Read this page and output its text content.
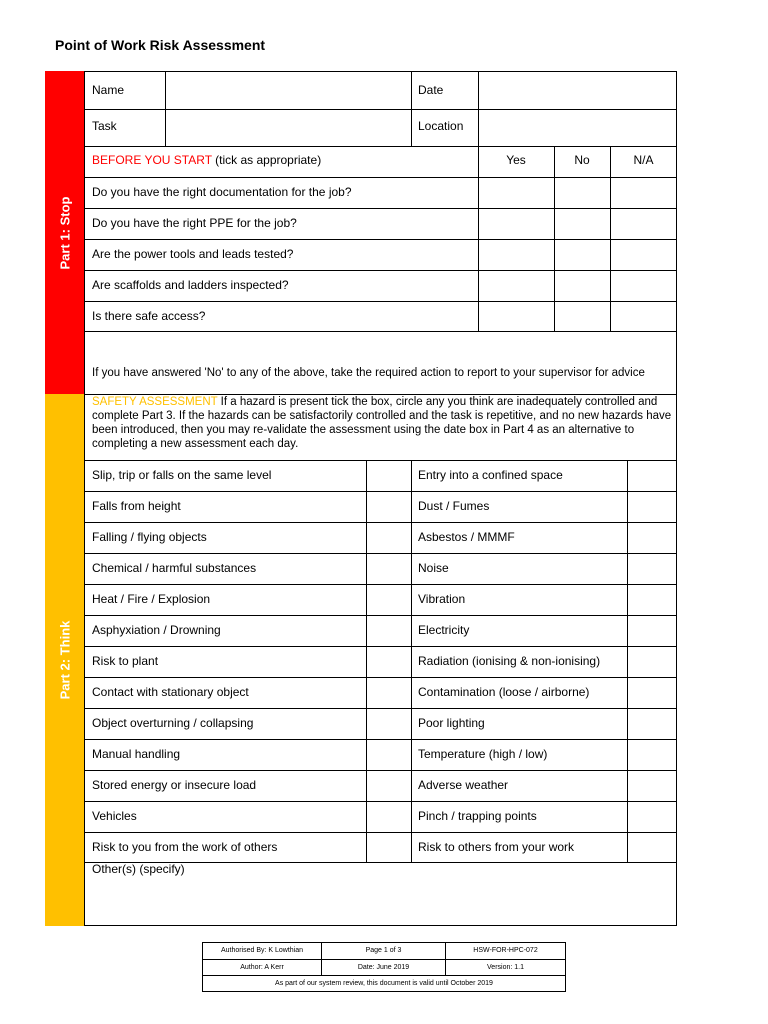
Point of Work Risk Assessment
Part 1: Stop
Part 2: Think
Name	Date
Task	Location
BEFORE YOU START (tick as appropriate)	Yes	No	N/A
Do you have the right documentation for the job?
Do you have the right PPE for the job?
Are the power tools and leads tested?
Are scaffolds and ladders inspected?
Is there safe access?
If you have answered 'No' to any of the above, take the required action to report to your supervisor for advice
SAFETY ASSESSMENT If a hazard is present tick the box, circle any you think are inadequately controlled and complete Part 3. If the hazards can be satisfactorily controlled and the task is repetitive, and no new hazards have been introduced, then you may re-validate the assessment using the date box in Part 4 as an alternative to completing a new assessment each day.
Slip, trip or falls on the same level	Entry into a confined space
Falls from height	Dust / Fumes
Falling / flying objects	Asbestos / MMMF
Chemical / harmful substances	Noise
Heat / Fire / Explosion	Vibration
Asphyxiation / Drowning	Electricity
Risk to plant	Radiation (ionising & non-ionising)
Contact with stationary object	Contamination (loose / airborne)
Object overturning / collapsing	Poor lighting
Manual handling	Temperature (high / low)
Stored energy or insecure load	Adverse weather
Vehicles	Pinch / trapping points
Risk to you from the work of others	Risk to others from your work
Other(s) (specify)
Authorised By: K Lowthian	Page 1 of 3	HSW-FOR-HPC-072
Author: A Kerr	Date: June 2019	Version: 1.1
As part of our system review, this document is valid until October 2019
